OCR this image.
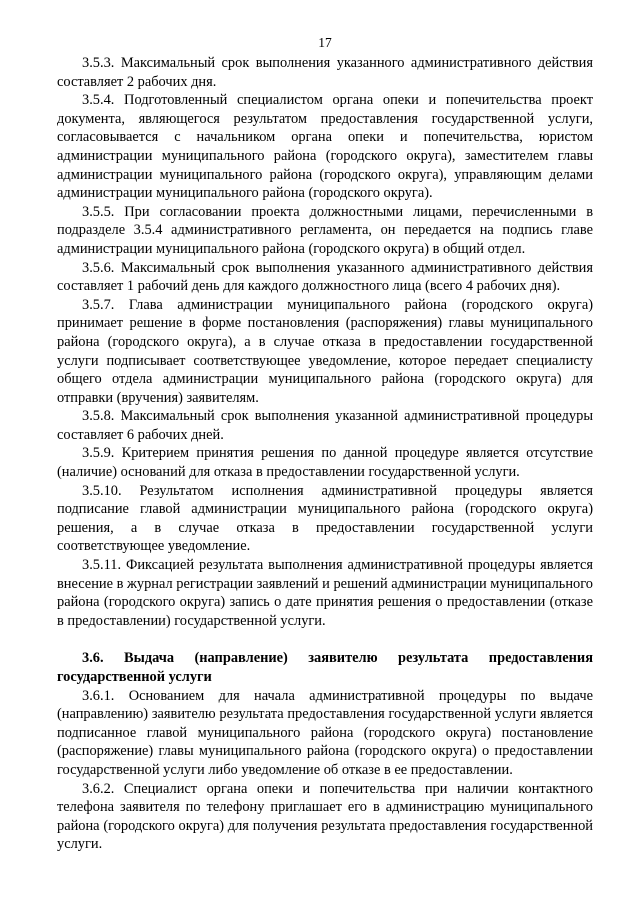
17

3.5.3. Максимальный срок выполнения указанного административного действия составляет 2 рабочих дня.

3.5.4. Подготовленный специалистом органа опеки и попечительства проект документа, являющегося результатом предоставления государственной услуги, согласовывается с начальником органа опеки и попечительства, юристом администрации муниципального района (городского округа), заместителем главы администрации муниципального района (городского округа), управляющим делами администрации муниципального района (городского округа).

3.5.5. При согласовании проекта должностными лицами, перечисленными в подразделе 3.5.4 административного регламента, он передается на подпись главе администрации муниципального района (городского округа) в общий отдел.

3.5.6. Максимальный срок выполнения указанного административного действия составляет 1 рабочий день для каждого должностного лица (всего 4 рабочих дня).

3.5.7. Глава администрации муниципального района (городского округа) принимает решение в форме постановления (распоряжения) главы муниципального района (городского округа), а в случае отказа в предоставлении государственной услуги подписывает соответствующее уведомление, которое передает специалисту общего отдела администрации муниципального района (городского округа) для отправки (вручения) заявителям.

3.5.8. Максимальный срок выполнения указанной административной процедуры составляет 6 рабочих дней.

3.5.9. Критерием принятия решения по данной процедуре является отсутствие (наличие) оснований для отказа в предоставлении государственной услуги.

3.5.10. Результатом исполнения административной процедуры является подписание главой администрации муниципального района (городского округа) решения, а в случае отказа в предоставлении государственной услуги соответствующее уведомление.

3.5.11. Фиксацией результата выполнения административной процедуры является внесение в журнал регистрации заявлений и решений администрации муниципального района (городского округа) запись о дате принятия решения о предоставлении (отказе в предоставлении) государственной услуги.

3.6. Выдача (направление) заявителю результата предоставления государственной услуги

3.6.1. Основанием для начала административной процедуры по выдаче (направлению) заявителю результата предоставления государственной услуги является подписанное главой муниципального района (городского округа) постановление (распоряжение) главы муниципального района (городского округа) о предоставлении государственной услуги либо уведомление об отказе в ее предоставлении.

3.6.2. Специалист органа опеки и попечительства при наличии контактного телефона заявителя по телефону приглашает его в администрацию муниципального района (городского округа) для получения результата предоставления государственной услуги.
